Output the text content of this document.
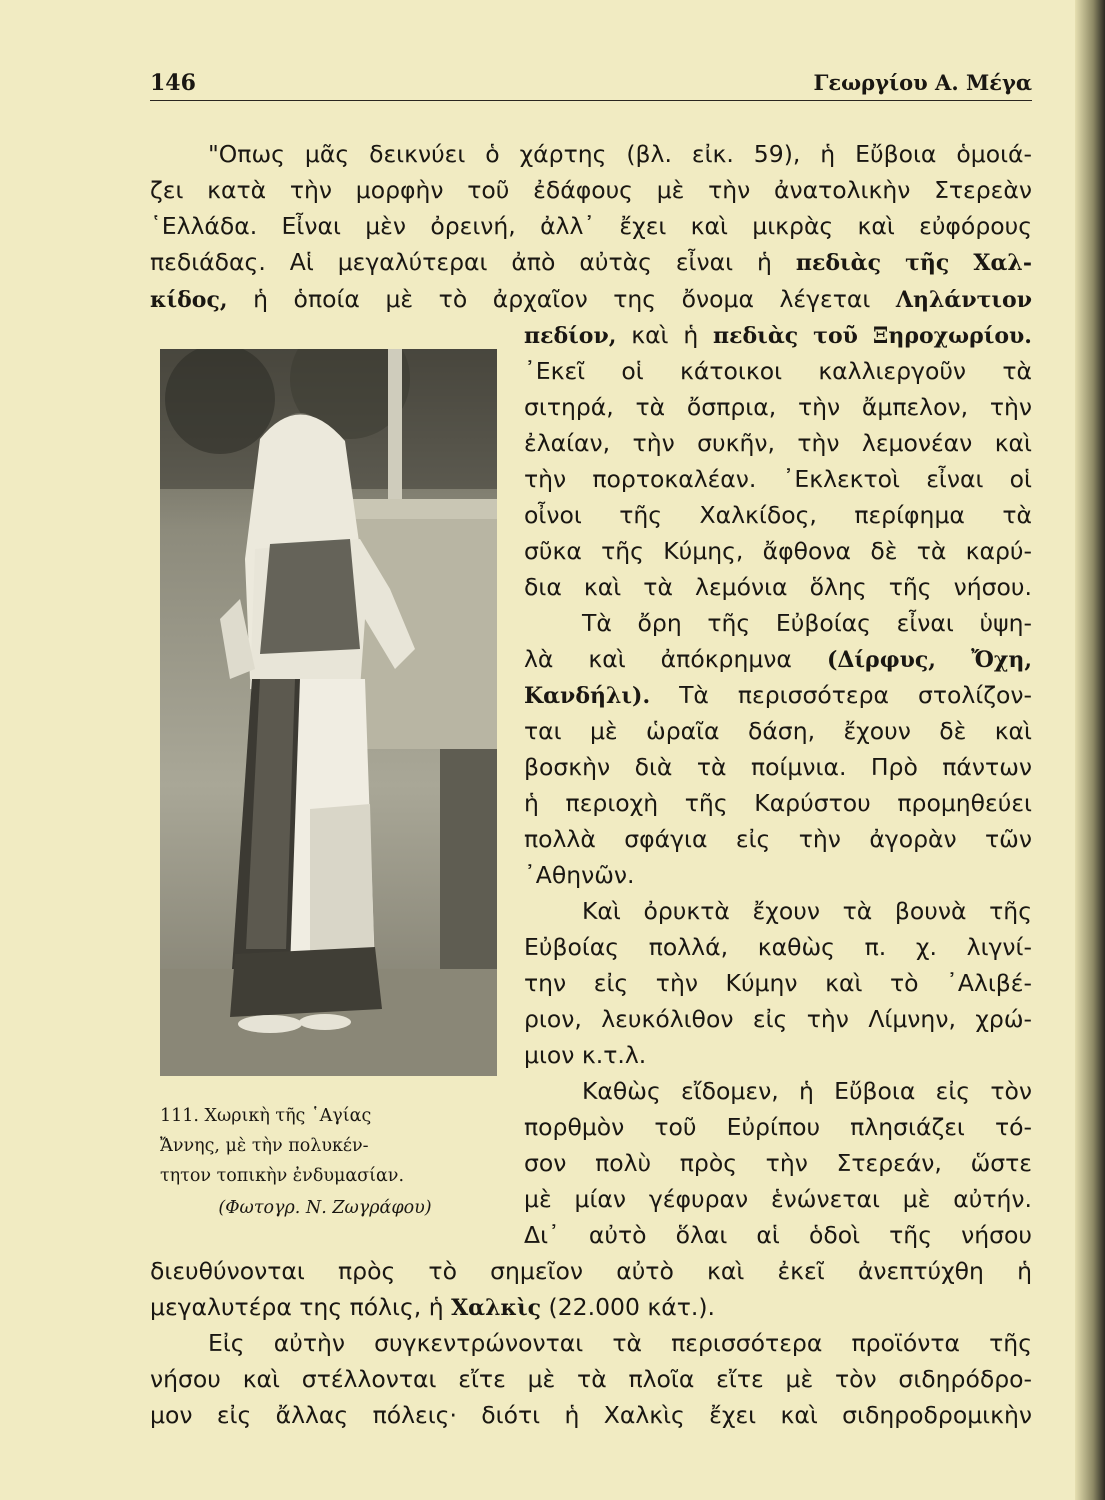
146	Γεωργίου Α. Μέγα
"Οπως μᾶς δεικνύει ὁ χάρτης (βλ. εἰκ. 59), ἡ Εὔβοια ὁμοιά-
ζει κατὰ τὴν μορφὴν τοῦ ἐδάφους μὲ τὴν ἀνατολικὴν Στερεὰν
῾Ελλάδα. Εἶναι μὲν ὀρεινή, ἀλλ᾿ ἔχει καὶ μικρὰς καὶ εὐφόρους
πεδιάδας. Αἱ μεγαλύτεραι ἀπὸ αὐτὰς εἶναι ἡ πεδιὰς τῆς Χαλ-
κίδος, ἡ ὁποία μὲ τὸ ἀρχαῖον της ὄνομα λέγεται Ληλάντιον
πεδίον, καὶ ἡ πεδιὰς τοῦ Ξηροχωρίου.
᾿Εκεῖ οἱ κάτοικοι καλλιεργοῦν τὰ
σιτηρά, τὰ ὄσπρια, τὴν ἄμπελον, τὴν
ἐλαίαν, τὴν συκῆν, τὴν λεμονέαν καὶ
τὴν πορτοκαλέαν. ᾿Εκλεκτοὶ εἶναι οἱ
οἶνοι τῆς Χαλκίδος, περίφημα τὰ
σῦκα τῆς Κύμης, ἄφθονα δὲ τὰ καρύ-
δια καὶ τὰ λεμόνια ὅλης τῆς νήσου.
Τὰ ὄρη τῆς Εὐβοίας εἶναι ὑψη-
λὰ καὶ ἀπόκρημνα (Δίρφυς, Ὄχη,
Κανδήλι). Τὰ περισσότερα στολίζον-
ται μὲ ὡραῖα δάση, ἔχουν δὲ καὶ
βοσκὴν διὰ τὰ ποίμνια. Πρὸ πάντων
ἡ περιοχὴ τῆς Καρύστου προμηθεύει
πολλὰ σφάγια εἰς τὴν ἀγορὰν τῶν
᾿Αθηνῶν.
Καὶ ὀρυκτὰ ἔχουν τὰ βουνὰ τῆς
Εὐβοίας πολλά, καθὼς π. χ. λιγνί-
την εἰς τὴν Κύμην καὶ τὸ ᾿Αλιβέ-
ριον, λευκόλιθον εἰς τὴν Λίμνην, χρώ-
μιον κ.τ.λ.
Καθὼς εἴδομεν, ἡ Εὔβοια εἰς τὸν
πορθμὸν τοῦ Εὐρίπου πλησιάζει τό-
σον πολὺ πρὸς τὴν Στερεάν, ὥστε
μὲ μίαν γέφυραν ἑνώνεται μὲ αὐτήν.
Δι᾿ αὐτὸ ὅλαι αἱ ὁδοὶ τῆς νήσου
διευθύνονται πρὸς τὸ σημεῖον αὐτὸ καὶ ἐκεῖ ἀνεπτύχθη ἡ
μεγαλυτέρα της πόλις, ἡ Χαλκὶς (22.000 κάτ.).
Εἰς αὐτὴν συγκεντρώνονται τὰ περισσότερα προϊόντα τῆς
νήσου καὶ στέλλονται εἴτε μὲ τὰ πλοῖα εἴτε μὲ τὸν σιδηρόδρο-
μον εἰς ἄλλας πόλεις· διότι ἡ Χαλκὶς ἔχει καὶ σιδηροδρομικὴν
111. Χωρικὴ τῆς ῾Αγίας
Ἄννης, μὲ τὴν πολυκέν-
τητον τοπικὴν ἐνδυμασίαν.
(Φωτογρ. Ν. Ζωγράφου)
